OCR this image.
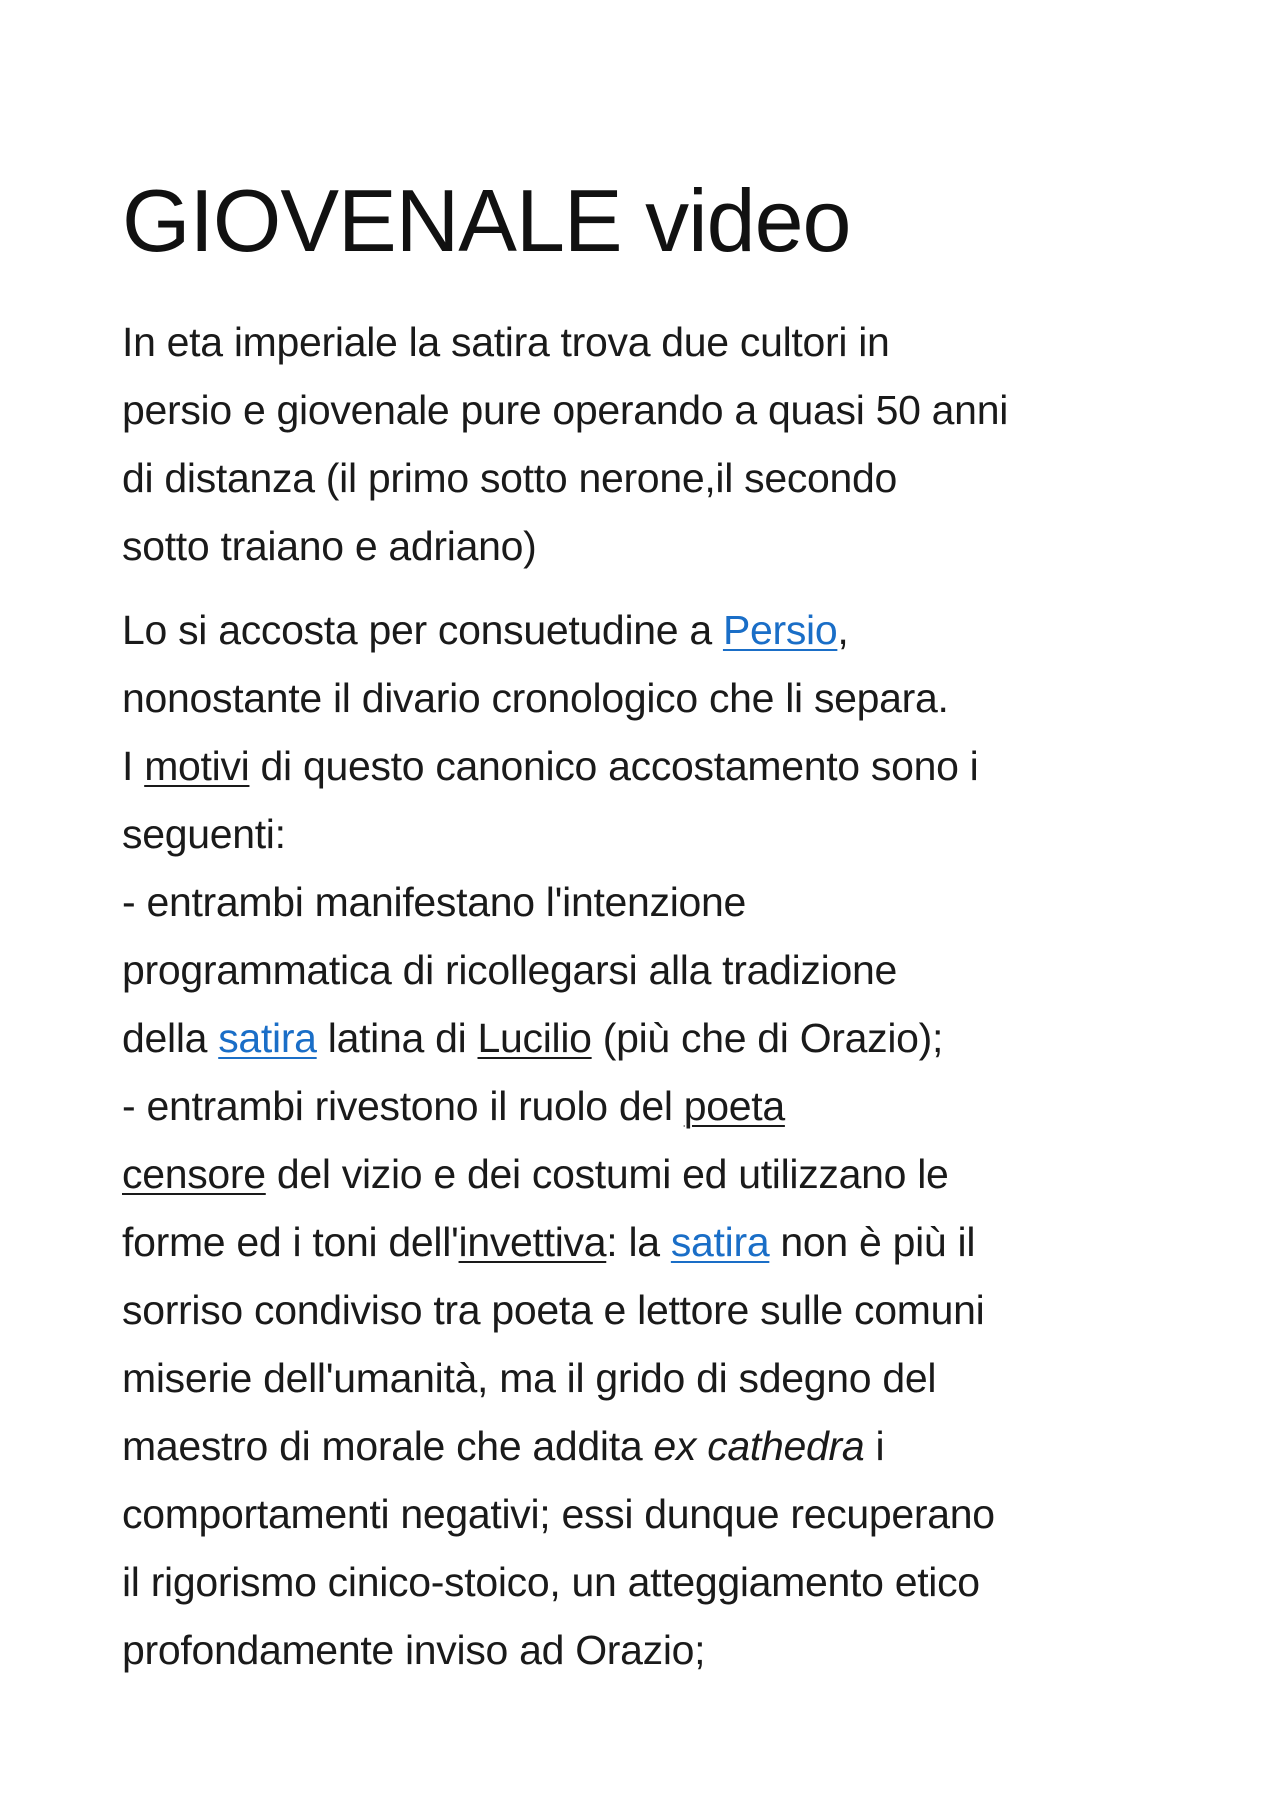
GIOVENALE video

In eta imperiale la satira trova due cultori in
persio e giovenale pure operando a quasi 50 anni
di distanza (il primo sotto nerone,il secondo
sotto traiano e adriano)

Lo si accosta per consuetudine a Persio,
nonostante il divario cronologico che li separa.
I motivi di questo canonico accostamento sono i
seguenti:
- entrambi manifestano l'intenzione
programmatica di ricollegarsi alla tradizione
della satira latina di Lucilio (più che di Orazio);
- entrambi rivestono il ruolo del poeta
censore del vizio e dei costumi ed utilizzano le
forme ed i toni dell'invettiva: la satira non è più il
sorriso condiviso tra poeta e lettore sulle comuni
miserie dell'umanità, ma il grido di sdegno del
maestro di morale che addita ex cathedra i
comportamenti negativi; essi dunque recuperano
il rigorismo cinico-stoico, un atteggiamento etico
profondamente inviso ad Orazio;
